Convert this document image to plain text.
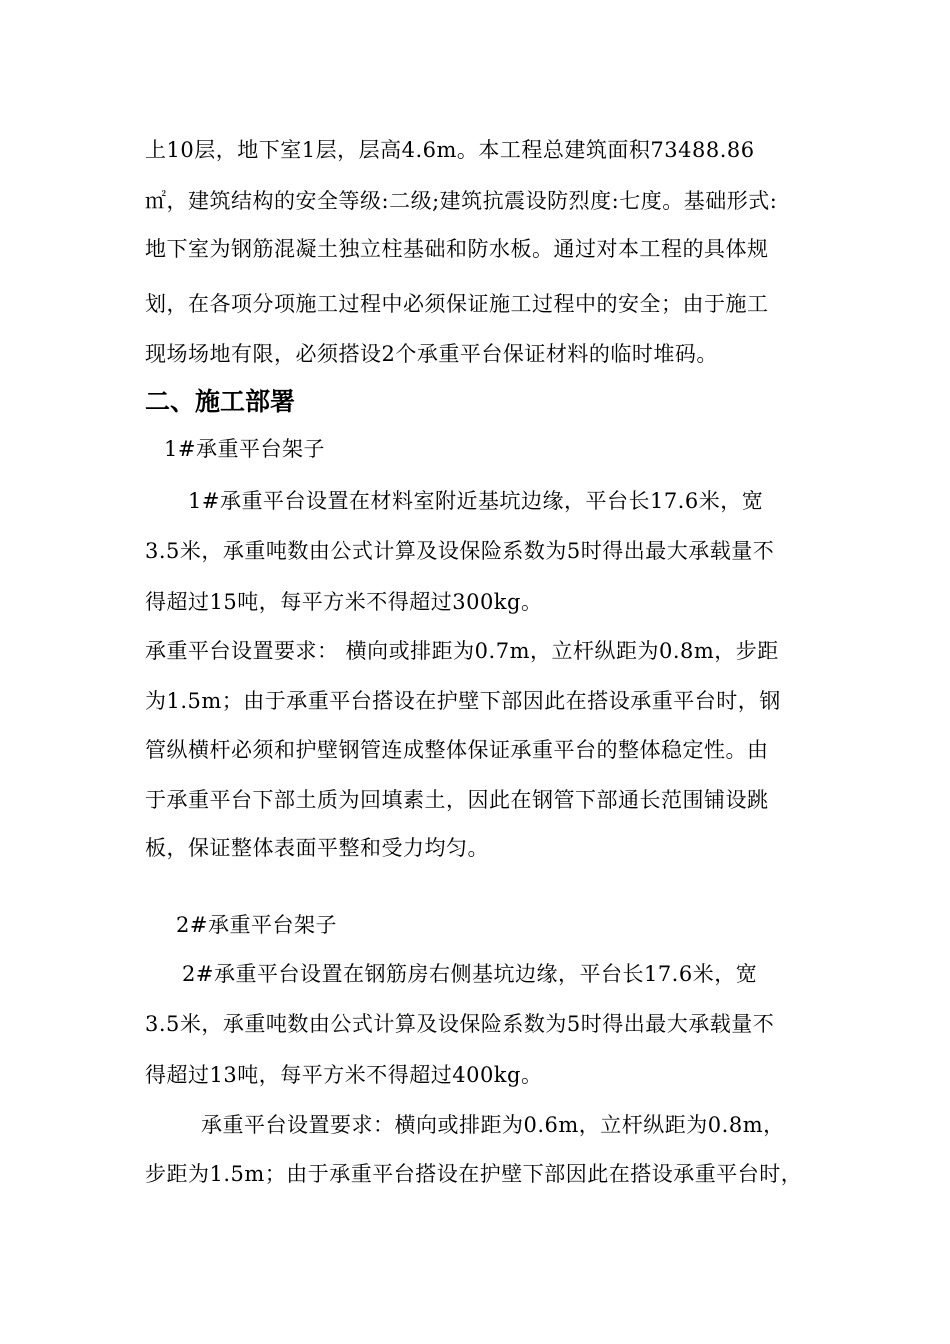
上10层，地下室1层，层高4.6m。本工程总建筑面积73488.86
㎡，建筑结构的安全等级:二级;建筑抗震设防烈度:七度。基础形式:
地下室为钢筋混凝土独立柱基础和防水板。通过对本工程的具体规
划，在各项分项施工过程中必须保证施工过程中的安全；由于施工
现场场地有限，必须搭设2个承重平台保证材料的临时堆码。
二、施工部署
1#承重平台架子
1#承重平台设置在材料室附近基坑边缘，平台长17.6米，宽
3.5米，承重吨数由公式计算及设保险系数为5时得出最大承载量不
得超过15吨，每平方米不得超过300kg。
承重平台设置要求： 横向或排距为0.7m，立杆纵距为0.8m，步距
为1.5m；由于承重平台搭设在护壁下部因此在搭设承重平台时，钢
管纵横杆必须和护壁钢管连成整体保证承重平台的整体稳定性。由
于承重平台下部土质为回填素土，因此在钢管下部通长范围铺设跳
板，保证整体表面平整和受力均匀。
2#承重平台架子
2#承重平台设置在钢筋房右侧基坑边缘，平台长17.6米，宽
3.5米，承重吨数由公式计算及设保险系数为5时得出最大承载量不
得超过13吨，每平方米不得超过400kg。
承重平台设置要求：横向或排距为0.6m，立杆纵距为0.8m，
步距为1.5m；由于承重平台搭设在护壁下部因此在搭设承重平台时，
